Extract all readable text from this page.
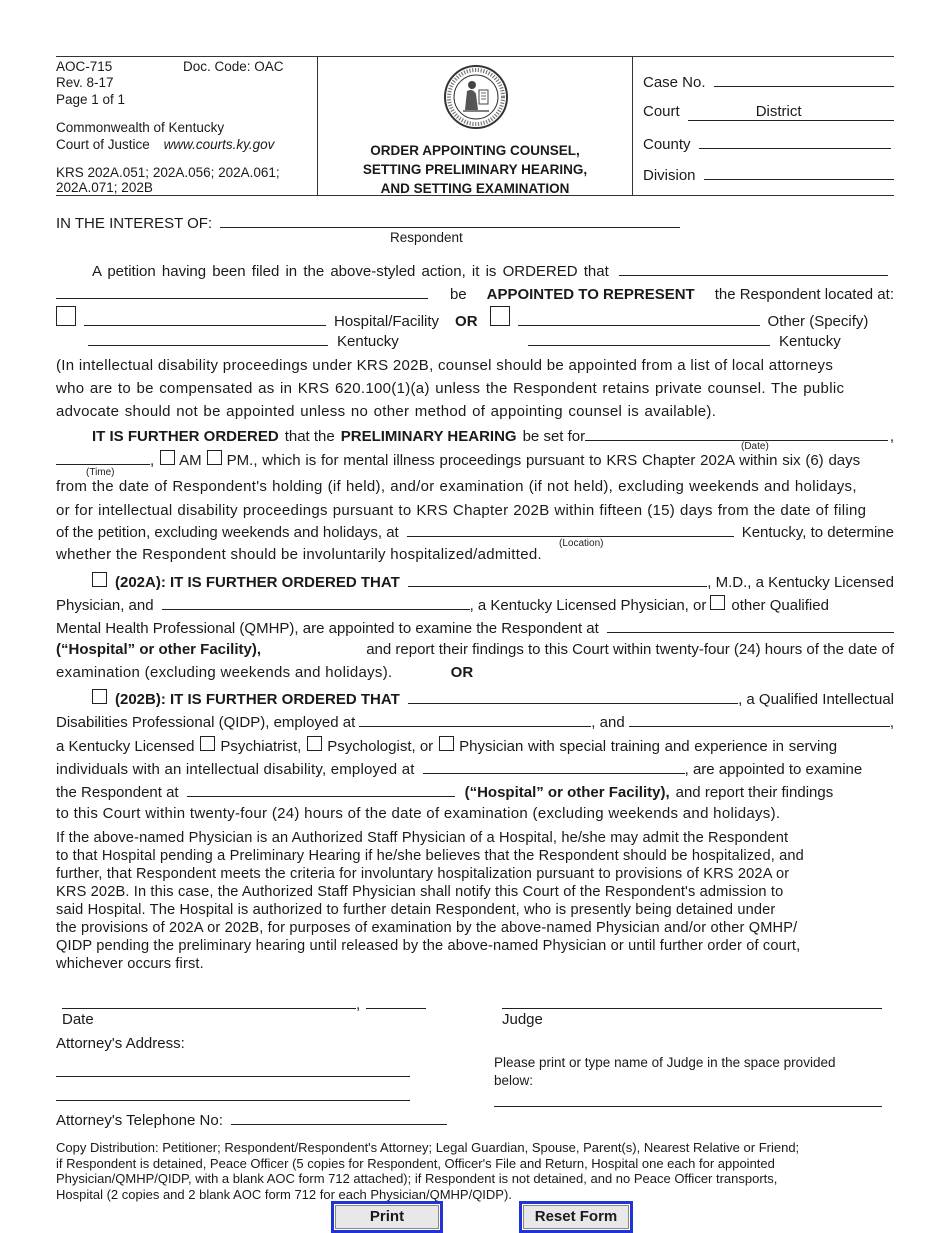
AOC-715	Doc. Code: OAC
Rev. 8-17
Page 1 of 1
Commonwealth of Kentucky
Court of Justice www.courts.ky.gov
KRS 202A.051; 202A.056; 202A.061;
202A.071; 202B
ORDER APPOINTING COUNSEL,
SETTING PRELIMINARY HEARING,
AND SETTING EXAMINATION
Case No.
Court	District
County
Division
IN THE INTEREST OF:
Respondent
A petition having been filed in the above-styled action, it is ORDERED that
be APPOINTED TO REPRESENT the Respondent located at:
Hospital/Facility OR	Other (Specify)
Kentucky	Kentucky
(In intellectual disability proceedings under KRS 202B, counsel should be appointed from a list of local attorneys
who are to be compensated as in KRS 620.100(1)(a) unless the Respondent retains private counsel. The public
advocate should not be appointed unless no other method of appointing counsel is available).
IT IS FURTHER ORDERED that the PRELIMINARY HEARING be set for	,
(Date)
, AM PM., which is for mental illness proceedings pursuant to KRS Chapter 202A within six (6) days
(Time)
from the date of Respondent's holding (if held), and/or examination (if not held), excluding weekends and holidays,
or for intellectual disability proceedings pursuant to KRS Chapter 202B within fifteen (15) days from the date of filing
of the petition, excluding weekends and holidays, at	Kentucky, to determine
(Location)
whether the Respondent should be involuntarily hospitalized/admitted.
(202A): IT IS FURTHER ORDERED THAT	, M.D., a Kentucky Licensed
Physician, and	, a Kentucky Licensed Physician, or other Qualified
Mental Health Professional (QMHP), are appointed to examine the Respondent at
(“Hospital” or other Facility),	and report their findings to this Court within twenty-four (24) hours of the date of
examination (excluding weekends and holidays).	OR
(202B): IT IS FURTHER ORDERED THAT	, a Qualified Intellectual
Disabilities Professional (QIDP), employed at	, and	,
a Kentucky Licensed Psychiatrist, Psychologist, or Physician with special training and experience in serving
individuals with an intellectual disability, employed at	, are appointed to examine
the Respondent at	(“Hospital” or other Facility), and report their findings
to this Court within twenty-four (24) hours of the date of examination (excluding weekends and holidays).
If the above-named Physician is an Authorized Staff Physician of a Hospital, he/she may admit the Respondent
to that Hospital pending a Preliminary Hearing if he/she believes that the Respondent should be hospitalized, and
further, that Respondent meets the criteria for involuntary hospitalization pursuant to provisions of KRS 202A or
KRS 202B. In this case, the Authorized Staff Physician shall notify this Court of the Respondent's admission to
said Hospital. The Hospital is authorized to further detain Respondent, who is presently being detained under
the provisions of 202A or 202B, for purposes of examination by the above-named Physician and/or other QMHP/
QIDP pending the preliminary hearing until released by the above-named Physician or until further order of court,
whichever occurs first.
,
Date	Judge
Attorney's Address:
Please print or type name of Judge in the space provided
below:
Attorney's Telephone No:
Copy Distribution: Petitioner; Respondent/Respondent's Attorney; Legal Guardian, Spouse, Parent(s), Nearest Relative or Friend;
if Respondent is detained, Peace Officer (5 copies for Respondent, Officer's File and Return, Hospital one each for appointed
Physician/QMHP/QIDP, with a blank AOC form 712 attached); if Respondent is not detained, and no Peace Officer transports,
Hospital (2 copies and 2 blank AOC form 712 for each Physician/QMHP/QIDP).
Print	Reset Form
